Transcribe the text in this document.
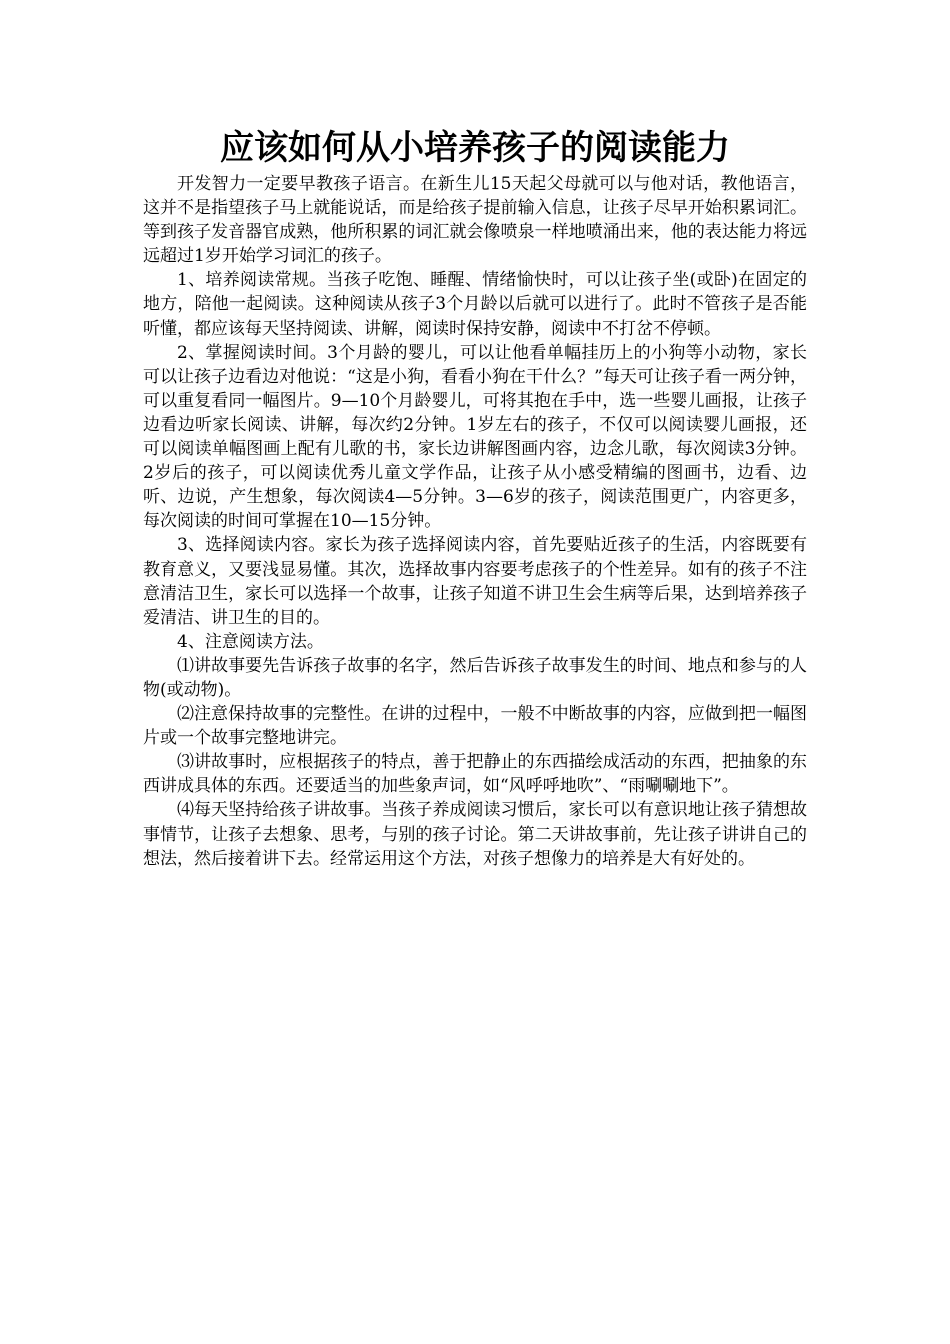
应该如何从小培养孩子的阅读能力

开发智力一定要早教孩子语言。在新生儿15天起父母就可以与他对话，教他语言，这并不是指望孩子马上就能说话，而是给孩子提前输入信息，让孩子尽早开始积累词汇。等到孩子发音器官成熟，他所积累的词汇就会像喷泉一样地喷涌出来，他的表达能力将远远超过1岁开始学习词汇的孩子。

1、培养阅读常规。当孩子吃饱、睡醒、情绪愉快时，可以让孩子坐(或卧)在固定的地方，陪他一起阅读。这种阅读从孩子3个月龄以后就可以进行了。此时不管孩子是否能听懂，都应该每天坚持阅读、讲解，阅读时保持安静，阅读中不打岔不停顿。

2、掌握阅读时间。3个月龄的婴儿，可以让他看单幅挂历上的小狗等小动物，家长可以让孩子边看边对他说：“这是小狗，看看小狗在干什么？”每天可让孩子看一两分钟，可以重复看同一幅图片。9—10个月龄婴儿，可将其抱在手中，选一些婴儿画报，让孩子边看边听家长阅读、讲解，每次约2分钟。1岁左右的孩子，不仅可以阅读婴儿画报，还可以阅读单幅图画上配有儿歌的书，家长边讲解图画内容，边念儿歌，每次阅读3分钟。2岁后的孩子，可以阅读优秀儿童文学作品，让孩子从小感受精编的图画书，边看、边听、边说，产生想象，每次阅读4—5分钟。3—6岁的孩子，阅读范围更广，内容更多，每次阅读的时间可掌握在10—15分钟。

3、选择阅读内容。家长为孩子选择阅读内容，首先要贴近孩子的生活，内容既要有教育意义，又要浅显易懂。其次，选择故事内容要考虑孩子的个性差异。如有的孩子不注意清洁卫生，家长可以选择一个故事，让孩子知道不讲卫生会生病等后果，达到培养孩子爱清洁、讲卫生的目的。

4、注意阅读方法。

⑴讲故事要先告诉孩子故事的名字，然后告诉孩子故事发生的时间、地点和参与的人物(或动物)。

⑵注意保持故事的完整性。在讲的过程中，一般不中断故事的内容，应做到把一幅图片或一个故事完整地讲完。

⑶讲故事时，应根据孩子的特点，善于把静止的东西描绘成活动的东西，把抽象的东西讲成具体的东西。还要适当的加些象声词，如“风呼呼地吹”、“雨唰唰地下”。

⑷每天坚持给孩子讲故事。当孩子养成阅读习惯后，家长可以有意识地让孩子猜想故事情节，让孩子去想象、思考，与别的孩子讨论。第二天讲故事前，先让孩子讲讲自己的想法，然后接着讲下去。经常运用这个方法，对孩子想像力的培养是大有好处的。
